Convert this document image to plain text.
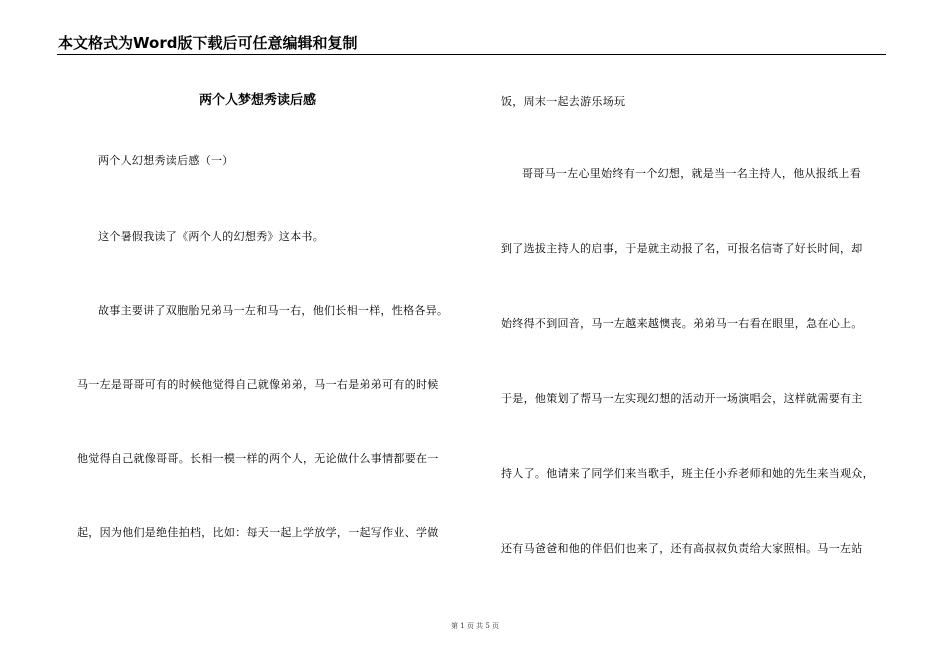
本文格式为Word版下载后可任意编辑和复制
两个人梦想秀读后感
两个人幻想秀读后感（一）
这个暑假我读了《两个人的幻想秀》这本书。
故事主要讲了双胞胎兄弟马一左和马一右，他们长相一样，性格各异。
马一左是哥哥可有的时候他觉得自己就像弟弟，马一右是弟弟可有的时候
他觉得自己就像哥哥。长相一模一样的两个人，无论做什么事情都要在一
起，因为他们是绝佳拍档，比如：每天一起上学放学，一起写作业、学做
饭，周末一起去游乐场玩
哥哥马一左心里始终有一个幻想，就是当一名主持人，他从报纸上看
到了选拔主持人的启事，于是就主动报了名，可报名信寄了好长时间，却
始终得不到回音，马一左越来越懊丧。弟弟马一右看在眼里，急在心上。
于是，他策划了帮马一左实现幻想的活动开一场演唱会，这样就需要有主
持人了。他请来了同学们来当歌手，班主任小乔老师和她的先生来当观众，
还有马爸爸和他的伴侣们也来了，还有高叔叔负责给大家照相。马一左站
第 1 页 共 5 页
